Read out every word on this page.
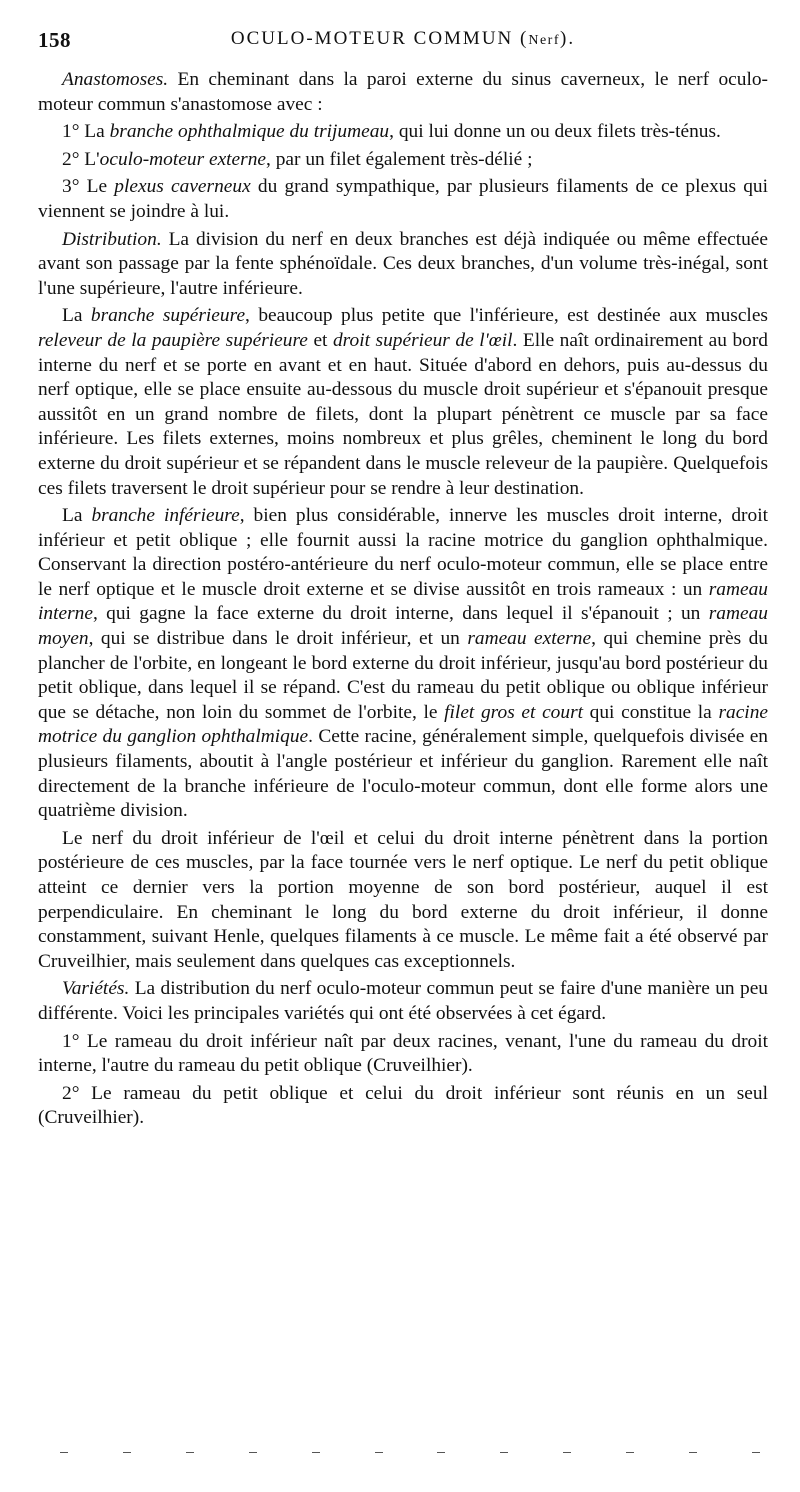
158	OCULO-MOTEUR COMMUN (Nerf).

Anastomoses. En cheminant dans la paroi externe du sinus caverneux, le nerf oculo-moteur commun s'anastomose avec :

1° La branche ophthalmique du trijumeau, qui lui donne un ou deux filets très-ténus.

2° L'oculo-moteur externe, par un filet également très-délié ;

3° Le plexus caverneux du grand sympathique, par plusieurs filaments de ce plexus qui viennent se joindre à lui.

Distribution. La division du nerf en deux branches est déjà indiquée ou même effectuée avant son passage par la fente sphénoïdale. Ces deux branches, d'un volume très-inégal, sont l'une supérieure, l'autre inférieure.

La branche supérieure, beaucoup plus petite que l'inférieure, est destinée aux muscles releveur de la paupière supérieure et droit supérieur de l'œil. Elle naît ordinairement au bord interne du nerf et se porte en avant et en haut. Située d'abord en dehors, puis au-dessus du nerf optique, elle se place ensuite au-dessous du muscle droit supérieur et s'épanouit presque aussitôt en un grand nombre de filets, dont la plupart pénètrent ce muscle par sa face inférieure. Les filets externes, moins nombreux et plus grêles, cheminent le long du bord externe du droit supérieur et se répandent dans le muscle releveur de la paupière. Quelquefois ces filets traversent le droit supérieur pour se rendre à leur destination.

La branche inférieure, bien plus considérable, innerve les muscles droit interne, droit inférieur et petit oblique ; elle fournit aussi la racine motrice du ganglion ophthalmique. Conservant la direction postéro-antérieure du nerf oculo-moteur commun, elle se place entre le nerf optique et le muscle droit externe et se divise aussitôt en trois rameaux : un rameau interne, qui gagne la face externe du droit interne, dans lequel il s'épanouit ; un rameau moyen, qui se distribue dans le droit inférieur, et un rameau externe, qui chemine près du plancher de l'orbite, en longeant le bord externe du droit inférieur, jusqu'au bord postérieur du petit oblique, dans lequel il se répand. C'est du rameau du petit oblique ou oblique inférieur que se détache, non loin du sommet de l'orbite, le filet gros et court qui constitue la racine motrice du ganglion ophthalmique. Cette racine, généralement simple, quelquefois divisée en plusieurs filaments, aboutit à l'angle postérieur et inférieur du ganglion. Rarement elle naît directement de la branche inférieure de l'oculo-moteur commun, dont elle forme alors une quatrième division.

Le nerf du droit inférieur de l'œil et celui du droit interne pénètrent dans la portion postérieure de ces muscles, par la face tournée vers le nerf optique. Le nerf du petit oblique atteint ce dernier vers la portion moyenne de son bord postérieur, auquel il est perpendiculaire. En cheminant le long du bord externe du droit inférieur, il donne constamment, suivant Henle, quelques filaments à ce muscle. Le même fait a été observé par Cruveilhier, mais seulement dans quelques cas exceptionnels.

Variétés. La distribution du nerf oculo-moteur commun peut se faire d'une manière un peu différente. Voici les principales variétés qui ont été observées à cet égard.

1° Le rameau du droit inférieur naît par deux racines, venant, l'une du rameau du droit interne, l'autre du rameau du petit oblique (Cruveilhier).

2° Le rameau du petit oblique et celui du droit inférieur sont réunis en un seul (Cruveilhier).
